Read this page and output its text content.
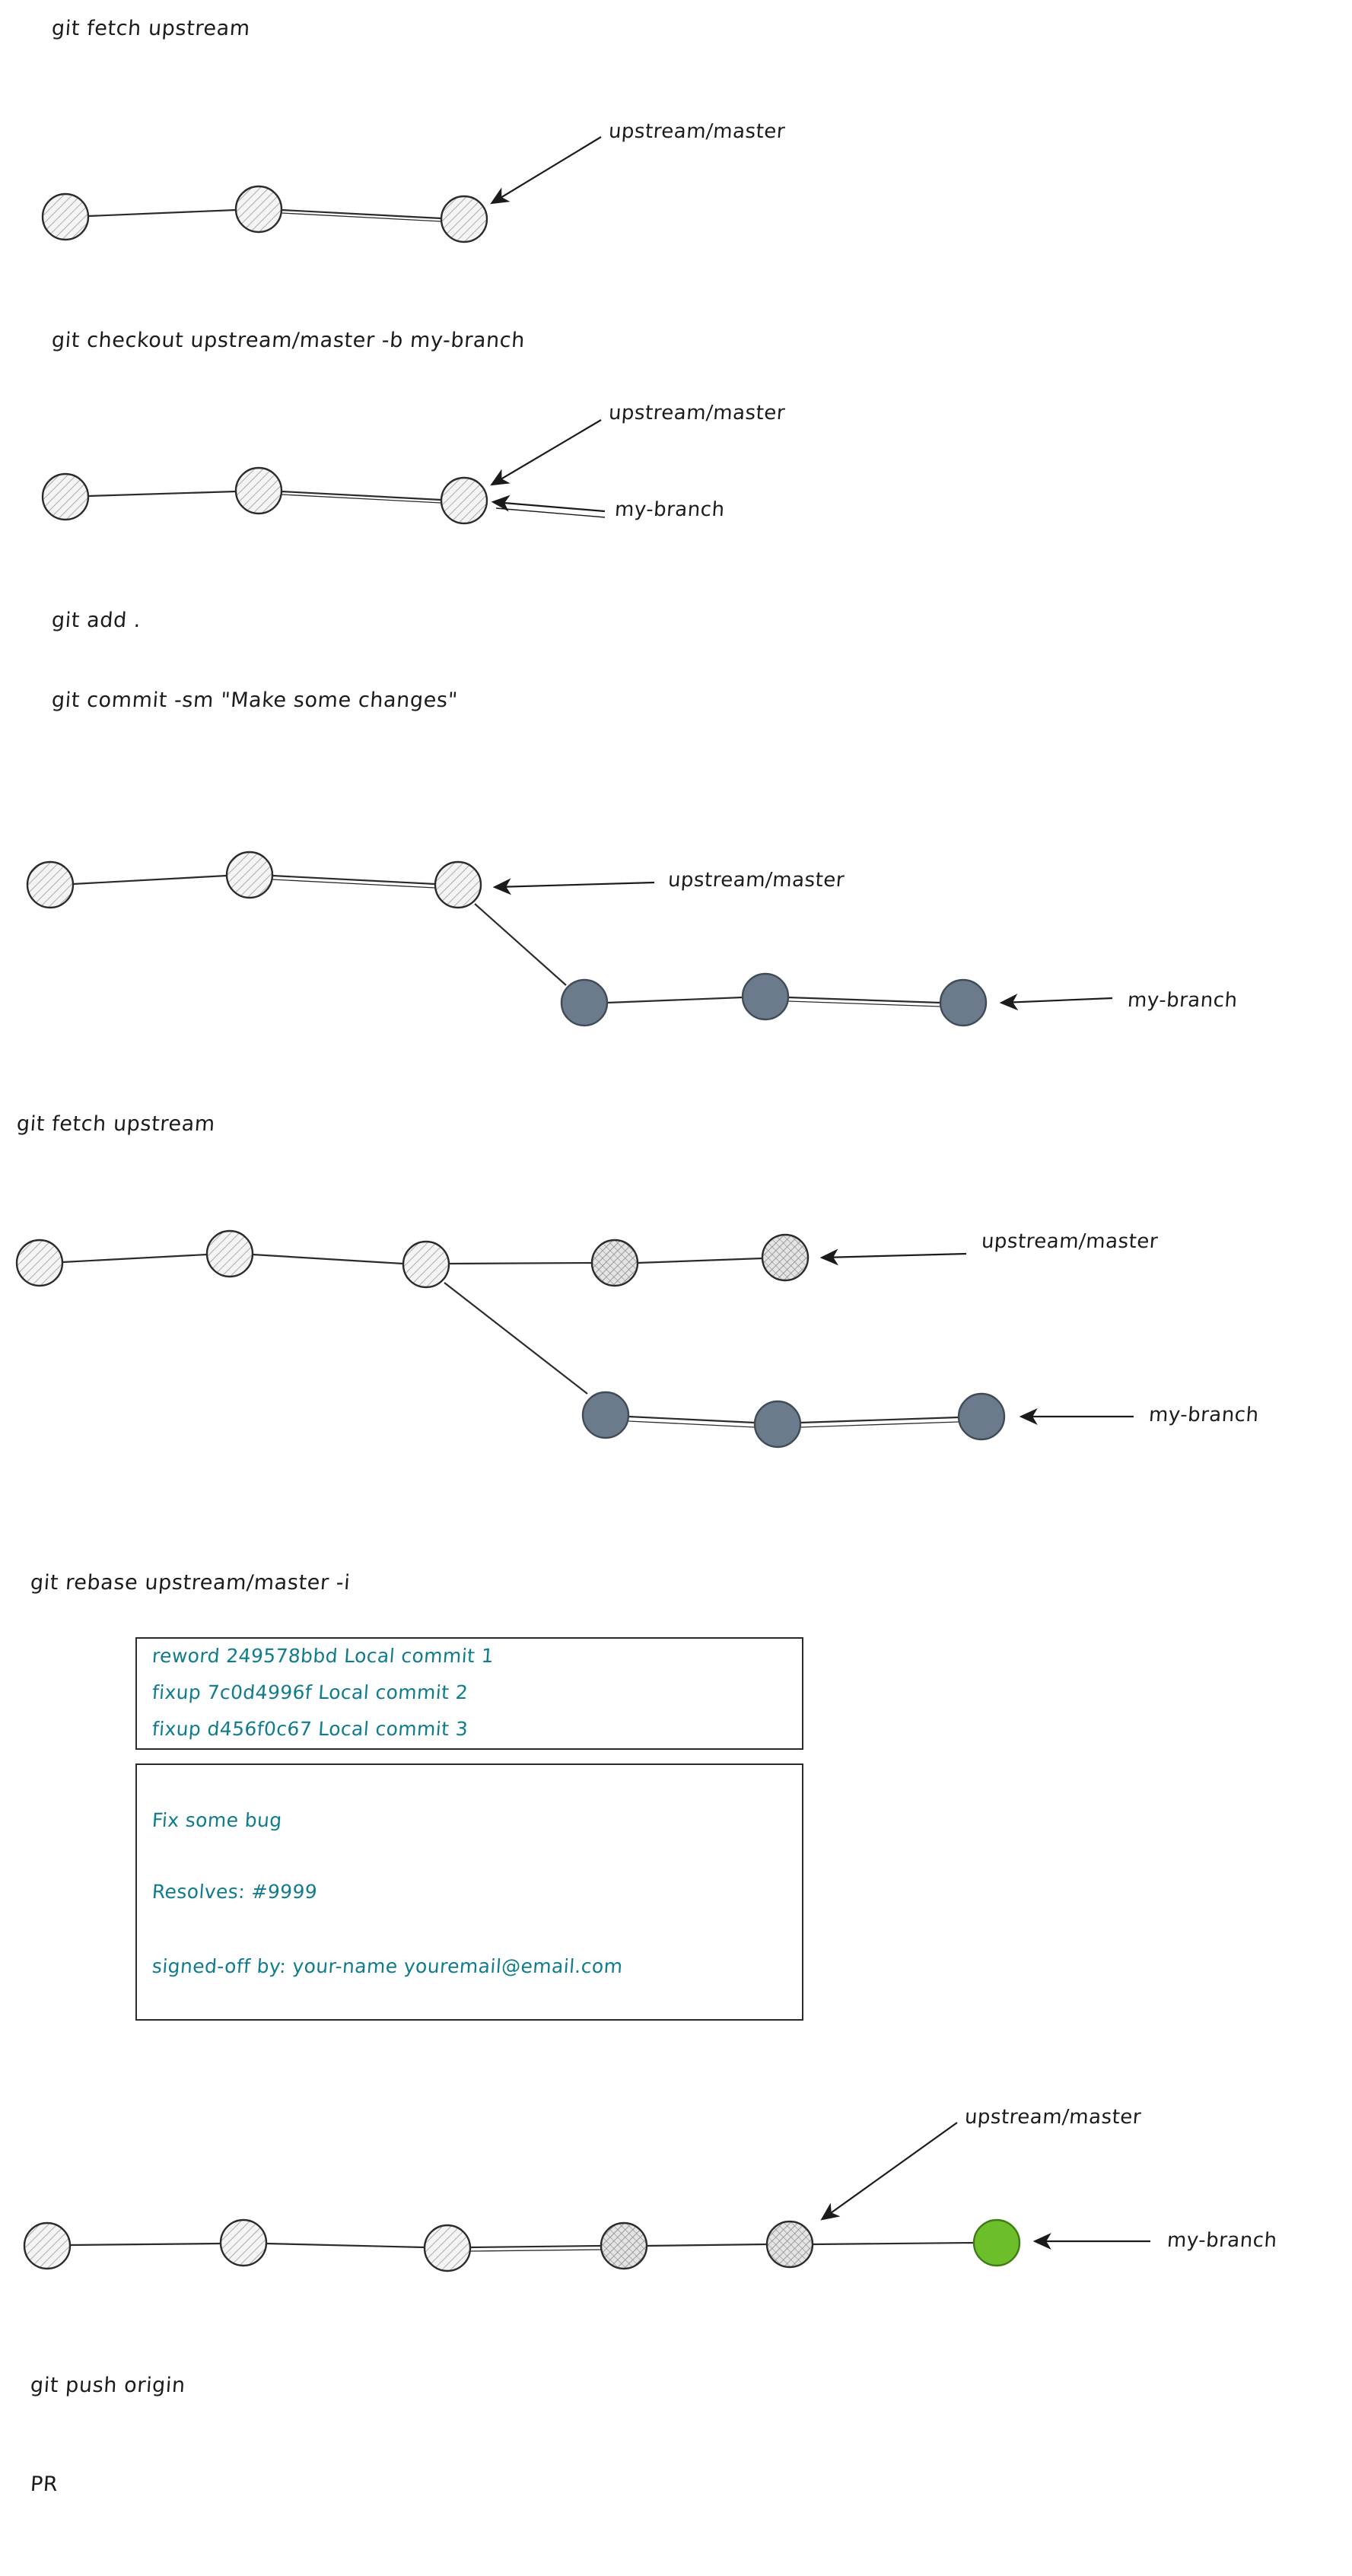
git fetch upstream
git checkout upstream/master -b my-branch
git add .
git commit -sm "Make some changes"
git fetch upstream
git rebase upstream/master -i
git push origin
PR
upstream/master
upstream/master
my-branch
upstream/master
my-branch
upstream/master
my-branch
upstream/master
my-branch
reword 249578bbd Local commit 1
fixup 7c0d4996f Local commit 2
fixup d456f0c67 Local commit 3
Fix some bug
Resolves: #9999
signed-off by: your-name youremail@email.com
